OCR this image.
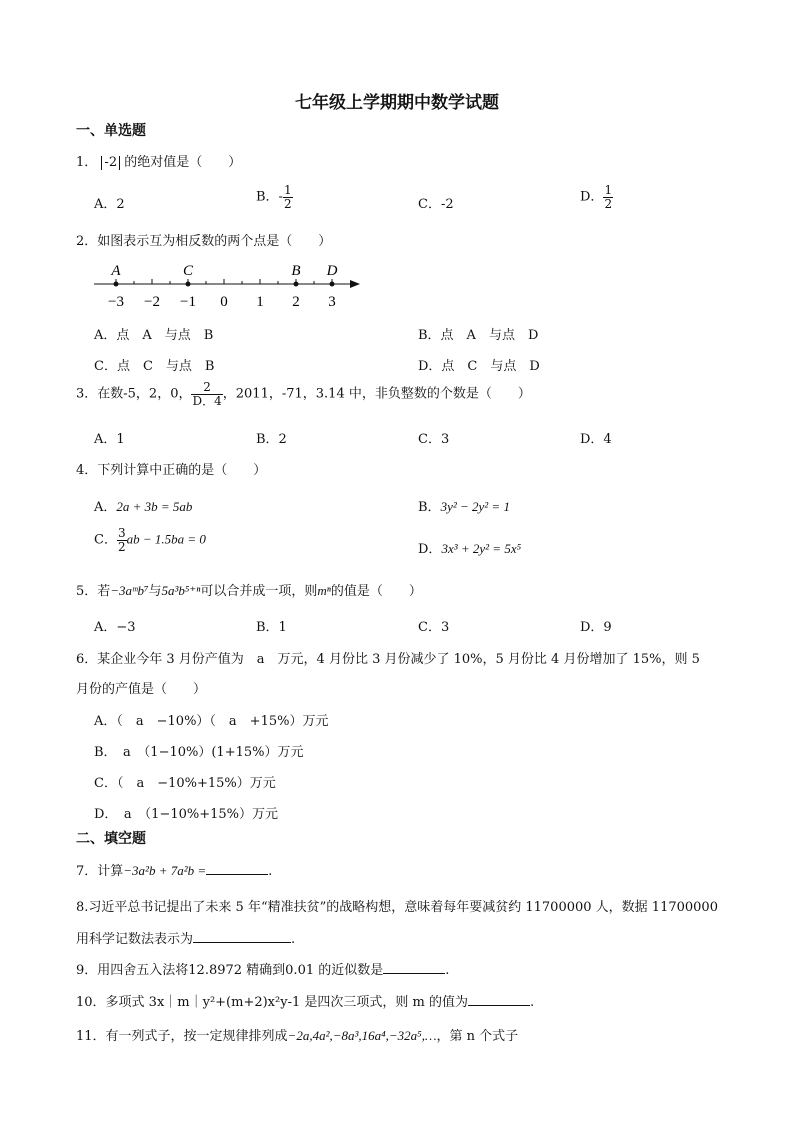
七年级上学期期中数学试题
一、单选题
1． -2 的绝对值是（　　）
A．2	B．- $\frac{1}{2}$	C．-2	D． $\frac{1}{2}$
2．如图表示互为相反数的两个点是（　　）
−3 −2 −1 0 1 2 3
A	C	B D
A．点　A　与点　B	B．点　A　与点　D
C．点　C　与点　B	D．点　C　与点　D
3．在数-5，2，0， $\frac{2}{D.4}$ ，2011，-71，3.14 中，非负整数的个数是（　　）
A．1	B．2	C．3	D．4
4．下列计算中正确的是（　　）
A．2a + 3b = 5ab	B．3y² − 2y² = 1
C． $\frac{3}{2}$ ab − 1.5ba = 0
D．3x³ + 2y² = 5x⁵
5．若−3aᵐb⁷与5a³b⁵⁺ⁿ可以合并成一项，则mⁿ的值是（　　）
A．−3	B．1	C．3	D．9
6．某企业今年 3 月份产值为　a　万元，4 月份比 3 月份减少了 10%，5 月份比 4 月份增加了 15%，则 5
月份的产值是（　　）
A．（　a　−10%）（　a　+15%）万元
B．　a　（1−10%）(1+15%）万元
C．（　a　−10%+15%）万元
D．　a　（1−10%+15%）万元
二、填空题
7．计算−3a²b + 7a²b =	.
8.习近平总书记提出了未来 5 年“精准扶贫”的战略构想，意味着每年要减贫约 11700000 人，数据 11700000
用科学记数法表示为	.
9．用四舍五入法将12.8972 精确到0.01 的近似数是	.
10．多项式 3x｜m｜y²+(m+2)x²y-1 是四次三项式，则 m 的值为	.
11．有一列式子，按一定规律排列成−2a,4a²,−8a³,16a⁴,−32a⁵,…，第 n 个式子
